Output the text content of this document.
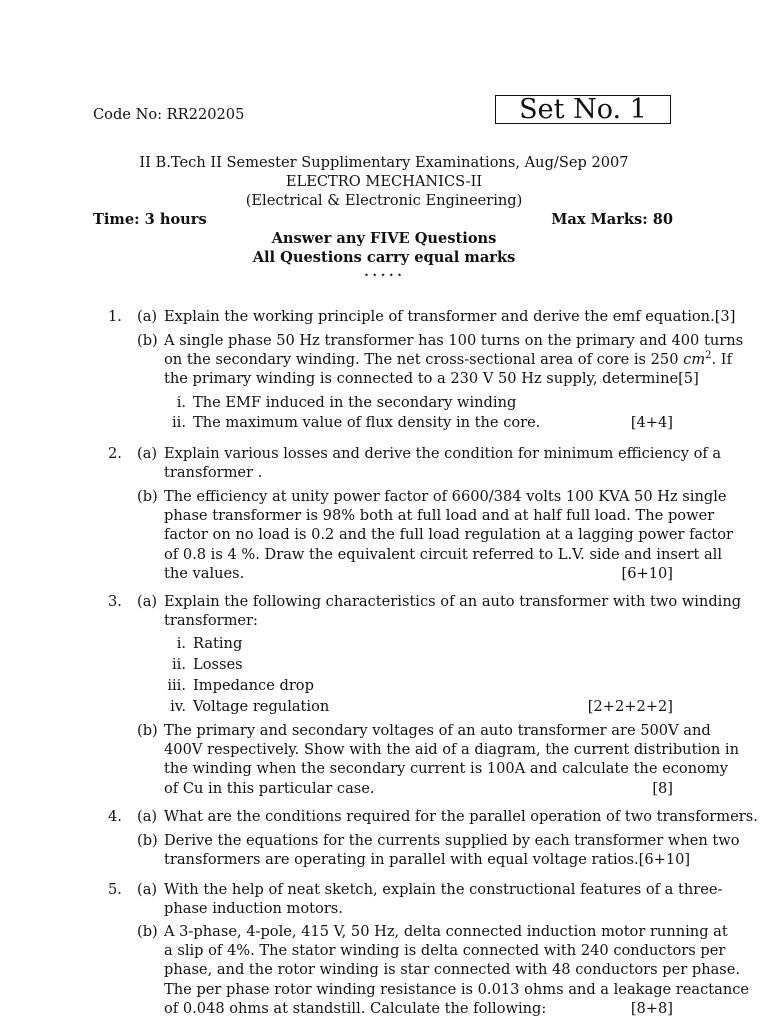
Code No: RR220205	Set No. 1
II B.Tech II Semester Supplimentary Examinations, Aug/Sep 2007
ELECTRO MECHANICS-II
(Electrical & Electronic Engineering)
Time: 3 hours	Max Marks: 80
Answer any FIVE Questions
All Questions carry equal marks
⋆⋆⋆⋆⋆
1. (a) Explain the working principle of transformer and derive the emf equation. [3]
(b) A single phase 50 Hz transformer has 100 turns on the primary and 400 turns
on the secondary winding. The net cross-sectional area of core is 250 $cm^2$. If
the primary winding is connected to a 230 V 50 Hz supply, determine [5]
i. The EMF induced in the secondary winding
ii. The maximum value of flux density in the core.	[4+4]
2. (a) Explain various losses and derive the condition for minimum efficiency of a
transformer .
(b) The efficiency at unity power factor of 6600/384 volts 100 KVA 50 Hz single
phase transformer is 98% both at full load and at half full load. The power
factor on no load is 0.2 and the full load regulation at a lagging power factor
of 0.8 is 4 %. Draw the equivalent circuit referred to L.V. side and insert all
the values.	[6+10]
3. (a) Explain the following characteristics of an auto transformer with two winding
transformer:
i. Rating
ii. Losses
iii. Impedance drop
iv. Voltage regulation	[2+2+2+2]
(b) The primary and secondary voltages of an auto transformer are 500V and
400V respectively. Show with the aid of a diagram, the current distribution in
the winding when the secondary current is 100A and calculate the economy
of Cu in this particular case.	[8]
4. (a) What are the conditions required for the parallel operation of two transformers.
(b) Derive the equations for the currents supplied by each transformer when two
transformers are operating in parallel with equal voltage ratios. [6+10]
5. (a) With the help of neat sketch, explain the constructional features of a three-
phase induction motors.
(b) A 3-phase, 4-pole, 415 V, 50 Hz, delta connected induction motor running at
a slip of 4%. The stator winding is delta connected with 240 conductors per
phase, and the rotor winding is star connected with 48 conductors per phase.
The per phase rotor winding resistance is 0.013 ohms and a leakage reactance
of 0.048 ohms at standstill. Calculate the following:	[8+8]
